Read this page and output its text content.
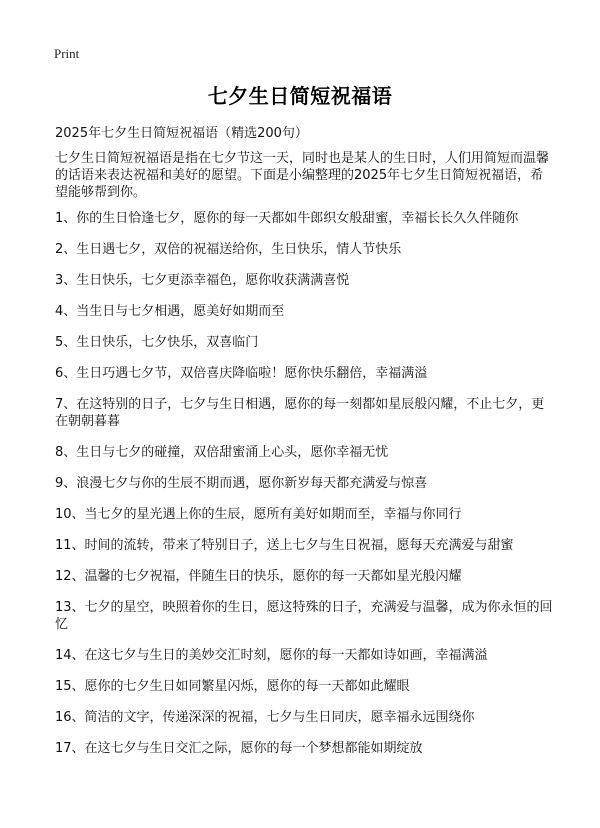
Print
七夕生日简短祝福语
2025年七夕生日简短祝福语（精选200句）
七夕生日简短祝福语是指在七夕节这一天，同时也是某人的生日时，人们用简短而温馨的话语来表达祝福和美好的愿望。下面是小编整理的2025年七夕生日简短祝福语，希望能够帮到你。
1、你的生日恰逢七夕，愿你的每一天都如牛郎织女般甜蜜，幸福长长久久伴随你
2、生日遇七夕，双倍的祝福送给你，生日快乐，情人节快乐
3、生日快乐，七夕更添幸福色，愿你收获满满喜悦
4、当生日与七夕相遇，愿美好如期而至
5、生日快乐，七夕快乐，双喜临门
6、生日巧遇七夕节，双倍喜庆降临啦！愿你快乐翻倍，幸福满溢
7、在这特别的日子，七夕与生日相遇，愿你的每一刻都如星辰般闪耀，不止七夕，更在朝朝暮暮
8、生日与七夕的碰撞，双倍甜蜜涌上心头，愿你幸福无忧
9、浪漫七夕与你的生辰不期而遇，愿你新岁每天都充满爱与惊喜
10、当七夕的星光遇上你的生辰，愿所有美好如期而至，幸福与你同行
11、时间的流转，带来了特别日子，送上七夕与生日祝福，愿每天充满爱与甜蜜
12、温馨的七夕祝福，伴随生日的快乐，愿你的每一天都如星光般闪耀
13、七夕的星空，映照着你的生日，愿这特殊的日子，充满爱与温馨，成为你永恒的回忆
14、在这七夕与生日的美妙交汇时刻，愿你的每一天都如诗如画，幸福满溢
15、愿你的七夕生日如同繁星闪烁，愿你的每一天都如此耀眼
16、简洁的文字，传递深深的祝福，七夕与生日同庆，愿幸福永远围绕你
17、在这七夕与生日交汇之际，愿你的每一个梦想都能如期绽放
